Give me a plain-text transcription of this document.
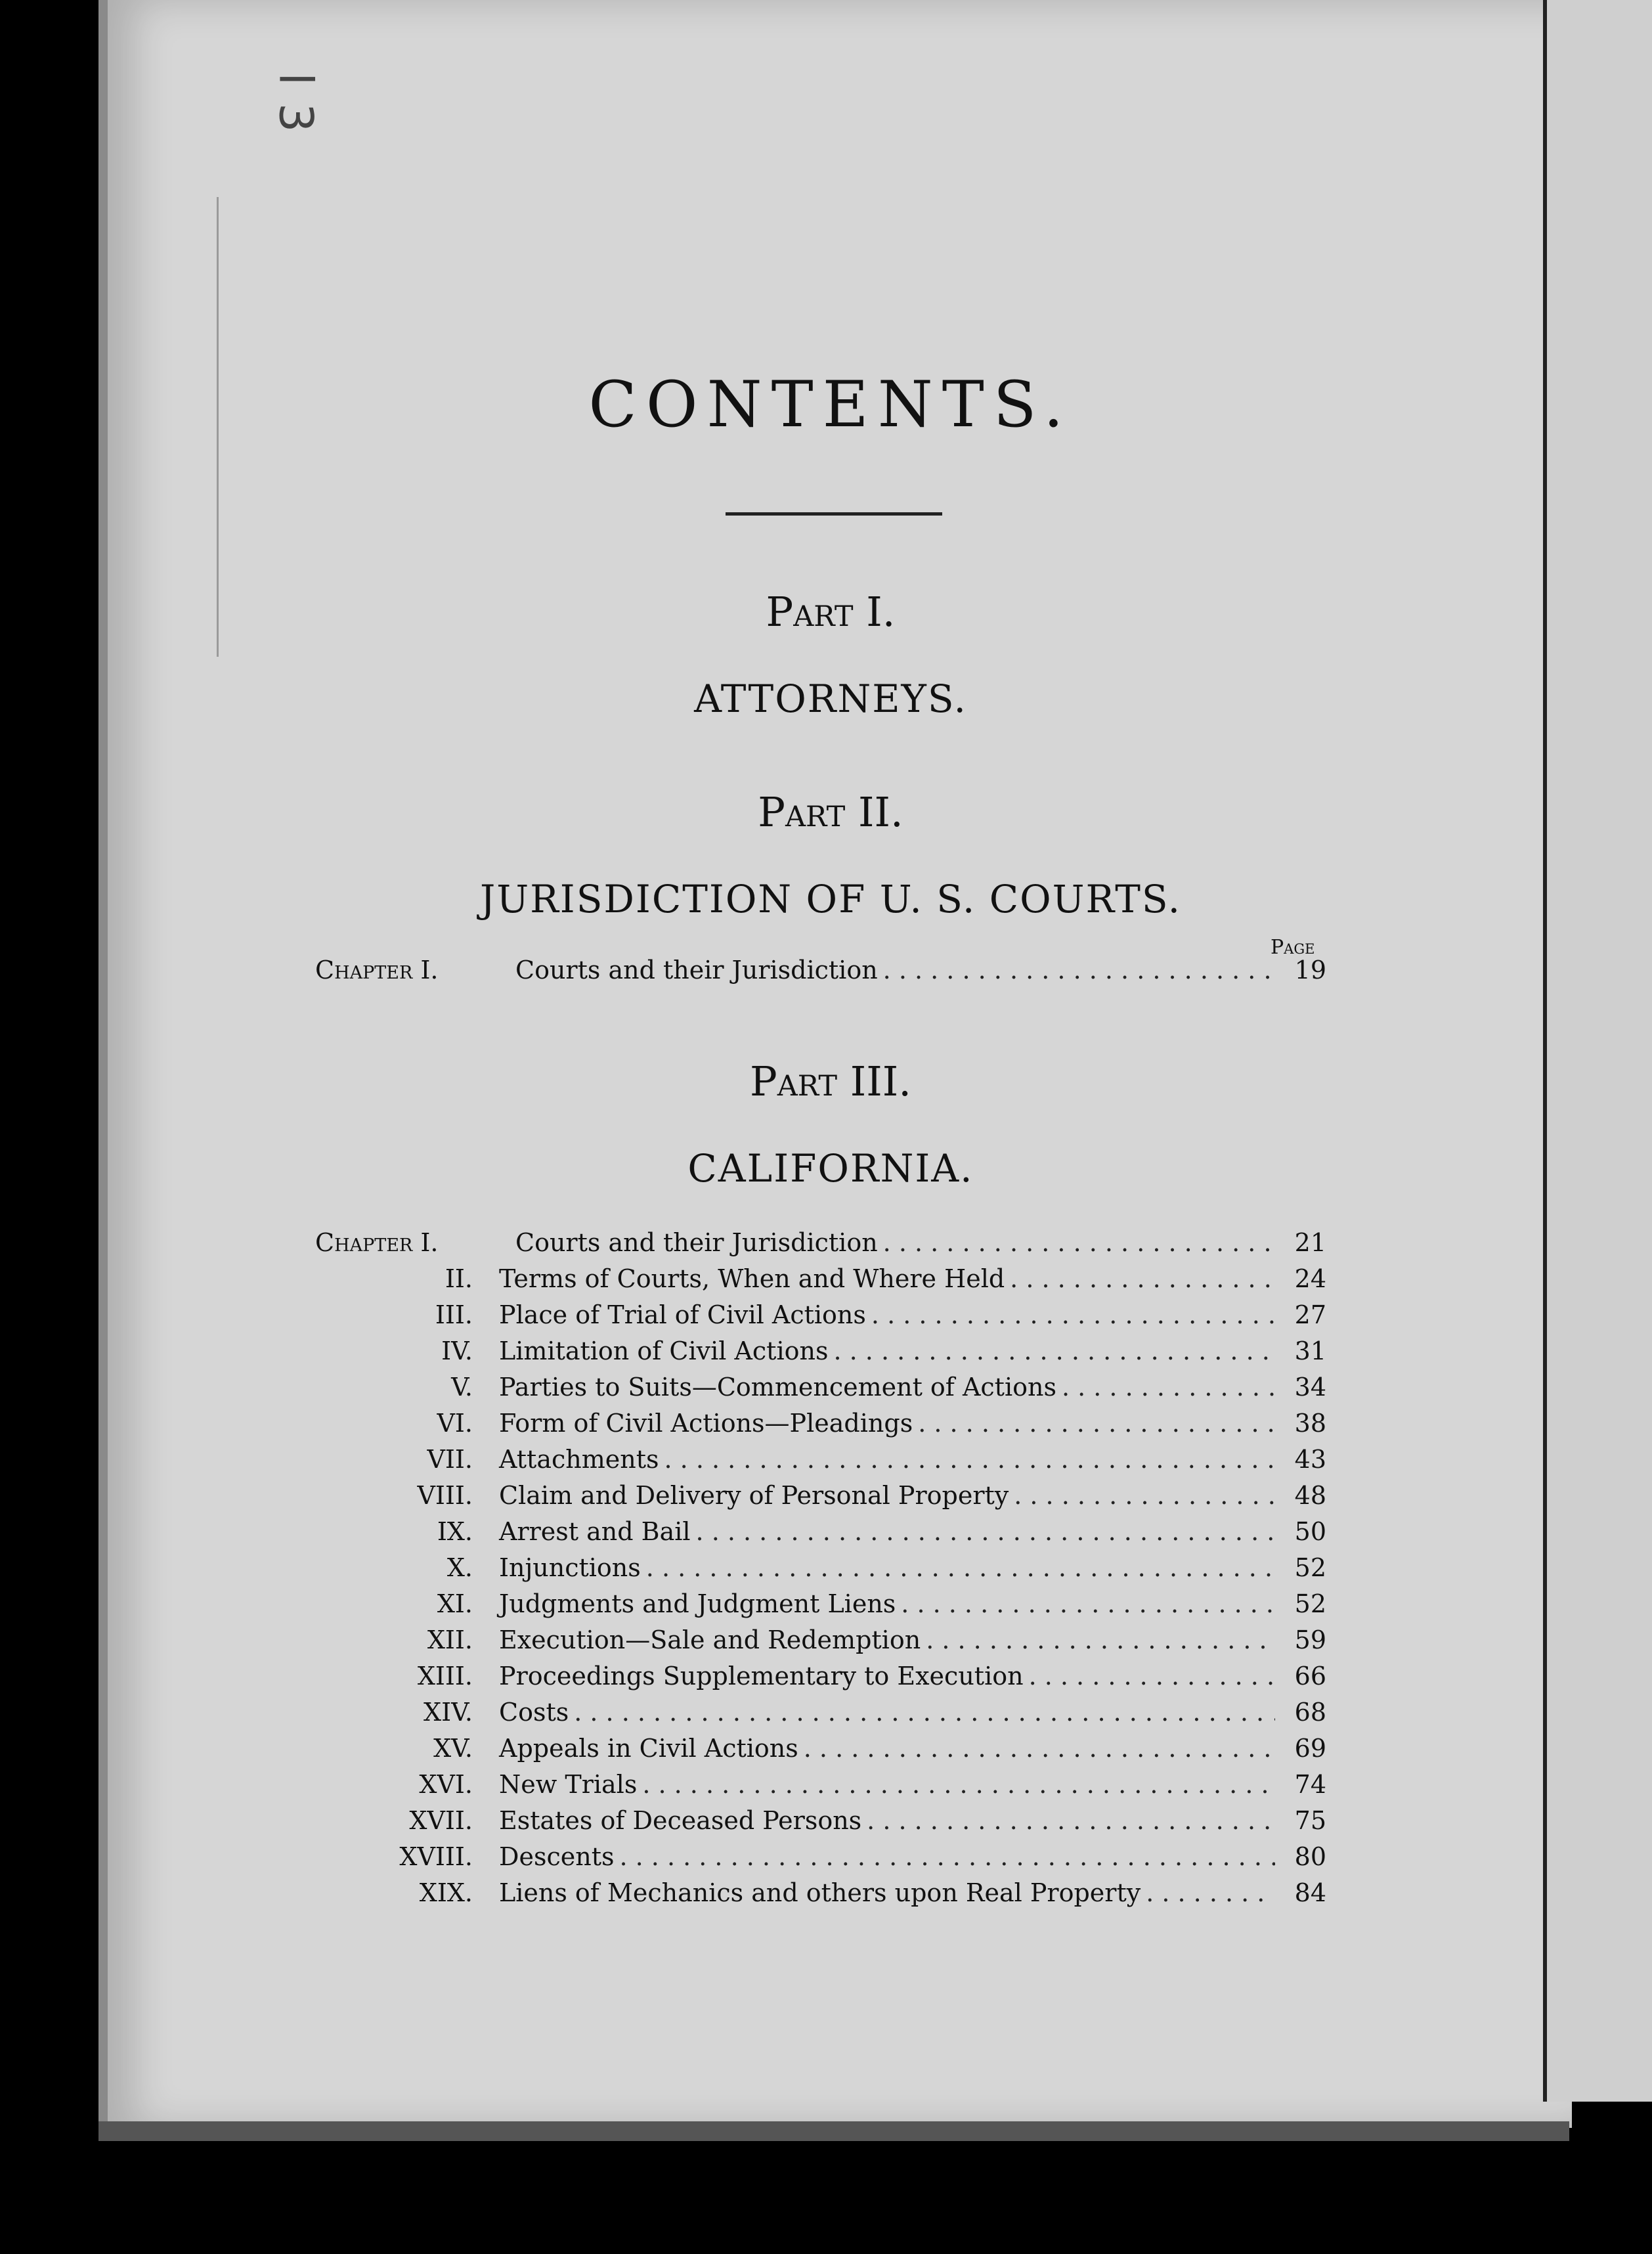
l 3
CONTENTS.
Part I.
ATTORNEYS.
Part II.
JURISDICTION OF U. S. COURTS.
Page
Chapter I.	Courts and their Jurisdiction . . .	19
Part III.
CALIFORNIA.
Chapter I.	Courts and their Jurisdiction . . .	21
II. Terms of Courts, When and Where Held . . .	24
III. Place of Trial of Civil Actions . . .	27
IV. Limitation of Civil Actions . . .	31
V. Parties to Suits—Commencement of Actions . . .	34
VI. Form of Civil Actions—Pleadings . . .	38
VII. Attachments . . .	43
VIII. Claim and Delivery of Personal Property . . .	48
IX. Arrest and Bail . . .	50
X. Injunctions . . .	52
XI. Judgments and Judgment Liens . . .	52
XII. Execution—Sale and Redemption . . .	59
XIII. Proceedings Supplementary to Execution . . .	66
XIV. Costs . . .	68
XV. Appeals in Civil Actions . . .	69
XVI. New Trials . . .	74
XVII. Estates of Deceased Persons . . .	75
XVIII. Descents . . .	80
XIX. Liens of Mechanics and others upon Real Property . . .	84
